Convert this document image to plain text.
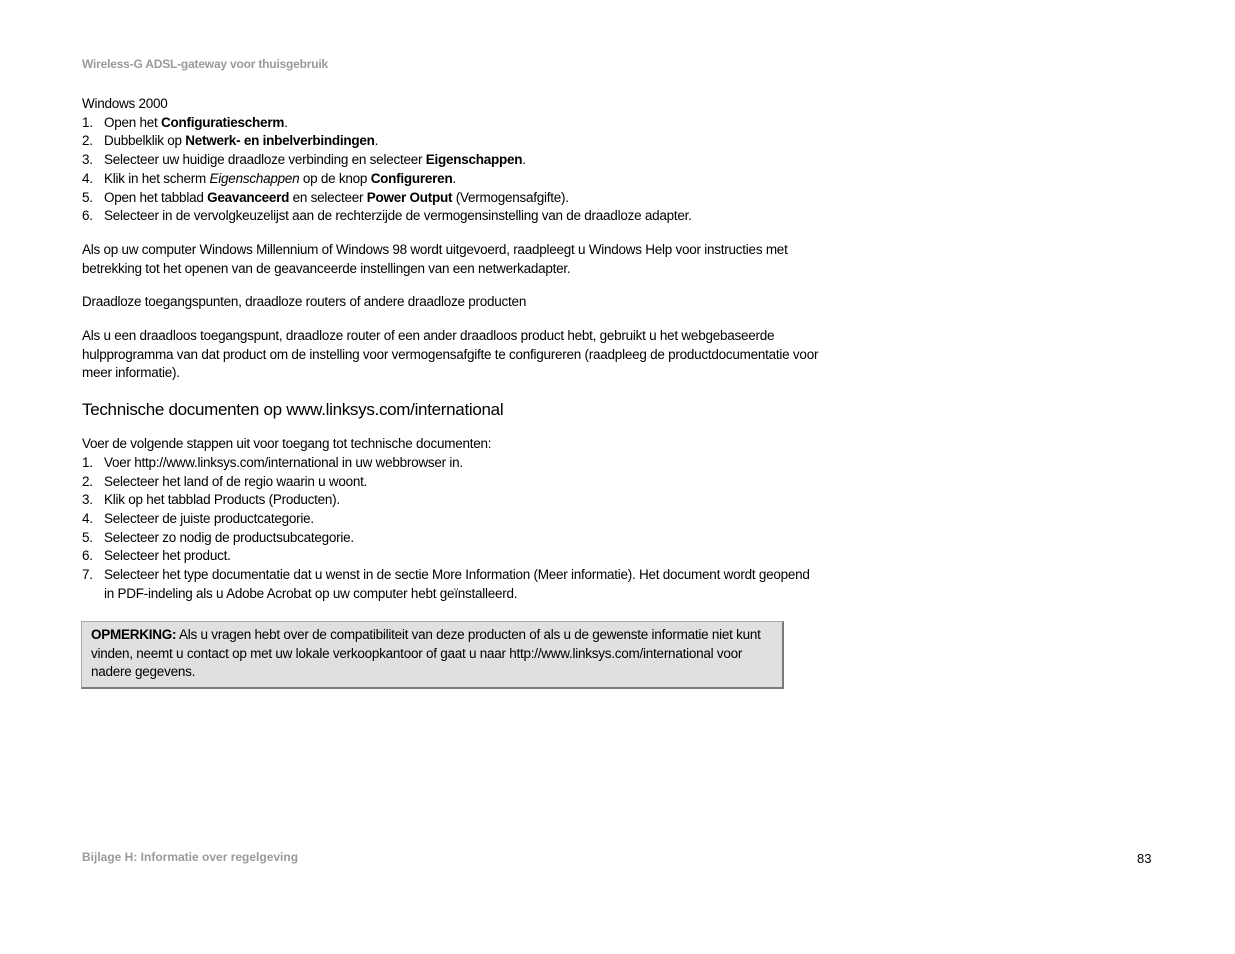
Wireless-G ADSL-gateway voor thuisgebruik

Windows 2000

1. Open het Configuratiescherm.
2. Dubbelklik op Netwerk- en inbelverbindingen.
3. Selecteer uw huidige draadloze verbinding en selecteer Eigenschappen.
4. Klik in het scherm Eigenschappen op de knop Configureren.
5. Open het tabblad Geavanceerd en selecteer Power Output (Vermogensafgifte).
6. Selecteer in de vervolgkeuzelijst aan de rechterzijde de vermogensinstelling van de draadloze adapter.

Als op uw computer Windows Millennium of Windows 98 wordt uitgevoerd, raadpleegt u Windows Help voor instructies met betrekking tot het openen van de geavanceerde instellingen van een netwerkadapter.

Draadloze toegangspunten, draadloze routers of andere draadloze producten

Als u een draadloos toegangspunt, draadloze router of een ander draadloos product hebt, gebruikt u het webgebaseerde hulpprogramma van dat product om de instelling voor vermogensafgifte te configureren (raadpleeg de productdocumentatie voor meer informatie).

Technische documenten op www.linksys.com/international

Voer de volgende stappen uit voor toegang tot technische documenten:

1. Voer http://www.linksys.com/international in uw webbrowser in.
2. Selecteer het land of de regio waarin u woont.
3. Klik op het tabblad Products (Producten).
4. Selecteer de juiste productcategorie.
5. Selecteer zo nodig de productsubcategorie.
6. Selecteer het product.
7. Selecteer het type documentatie dat u wenst in de sectie More Information (Meer informatie). Het document wordt geopend in PDF-indeling als u Adobe Acrobat op uw computer hebt geïnstalleerd.
OPMERKING: Als u vragen hebt over de compatibiliteit van deze producten of als u de gewenste informatie niet kunt vinden, neemt u contact op met uw lokale verkoopkantoor of gaat u naar http://www.linksys.com/international voor nadere gegevens.
Bijlage H: Informatie over regelgeving	83
